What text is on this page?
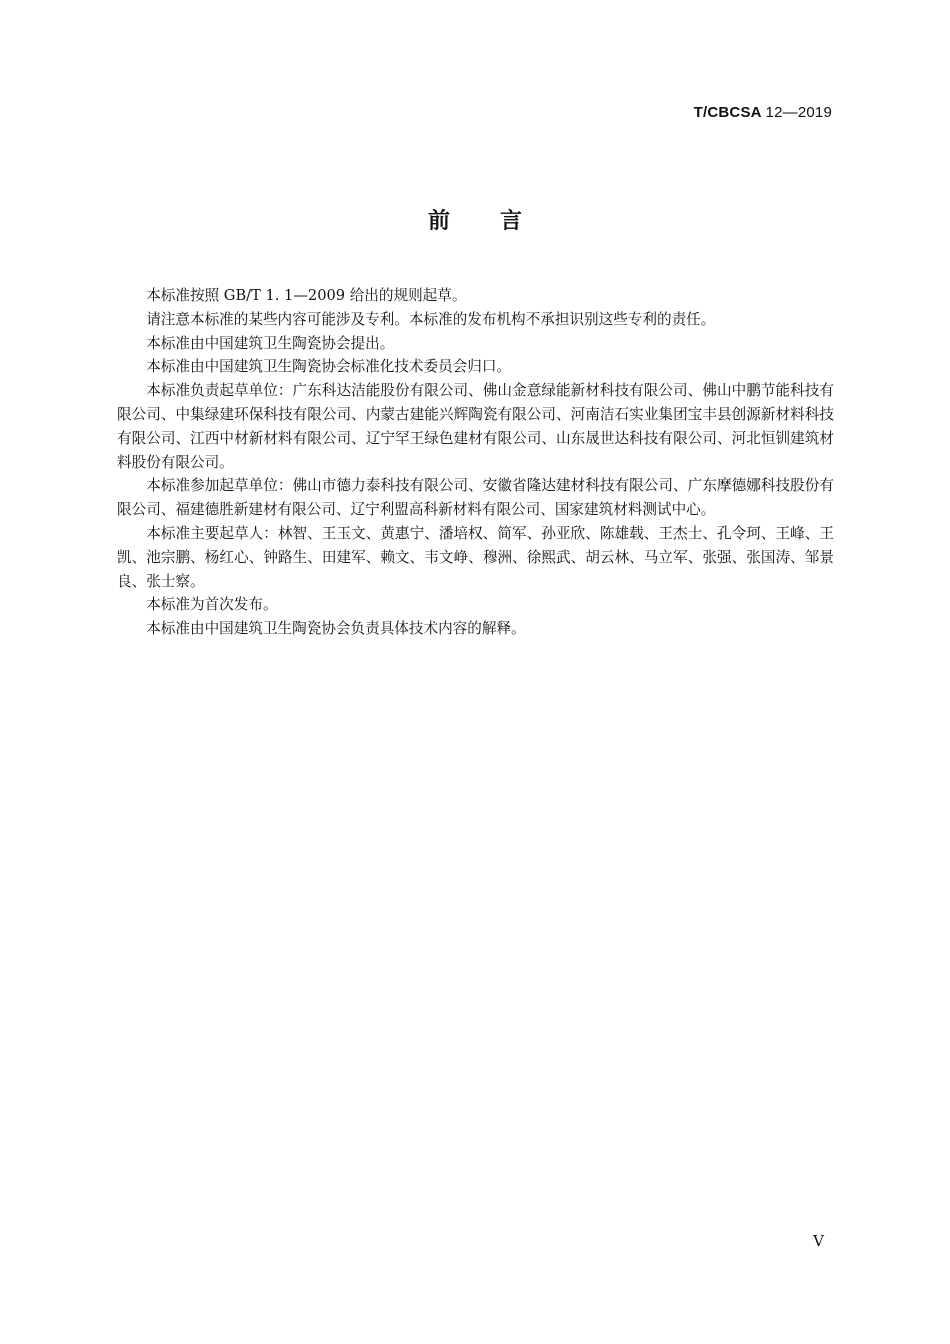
T/CBCSA 12—2019
前言

本标准按照 GB/T 1. 1—2009 给出的规则起草。

请注意本标准的某些内容可能涉及专利。本标准的发布机构不承担识别这些专利的责任。

本标准由中国建筑卫生陶瓷协会提出。

本标准由中国建筑卫生陶瓷协会标准化技术委员会归口。

本标准负责起草单位：广东科达洁能股份有限公司、佛山金意绿能新材科技有限公司、佛山中鹏节能科技有限公司、中集绿建环保科技有限公司、内蒙古建能兴辉陶瓷有限公司、河南洁石实业集团宝丰县创源新材料科技有限公司、江西中材新材料有限公司、辽宁罕王绿色建材有限公司、山东晟世达科技有限公司、河北恒钏建筑材料股份有限公司。

本标准参加起草单位：佛山市德力泰科技有限公司、安徽省隆达建材科技有限公司、广东摩德娜科技股份有限公司、福建德胜新建材有限公司、辽宁利盟高科新材料有限公司、国家建筑材料测试中心。

本标准主要起草人：林智、王玉文、黄惠宁、潘培权、简军、孙亚欣、陈雄载、王杰士、孔令珂、王峰、王凯、池宗鹏、杨红心、钟路生、田建军、赖文、韦文峥、穆洲、徐熙武、胡云林、马立军、张强、张国涛、邹景良、张士察。

本标准为首次发布。

本标准由中国建筑卫生陶瓷协会负责具体技术内容的解释。

V
